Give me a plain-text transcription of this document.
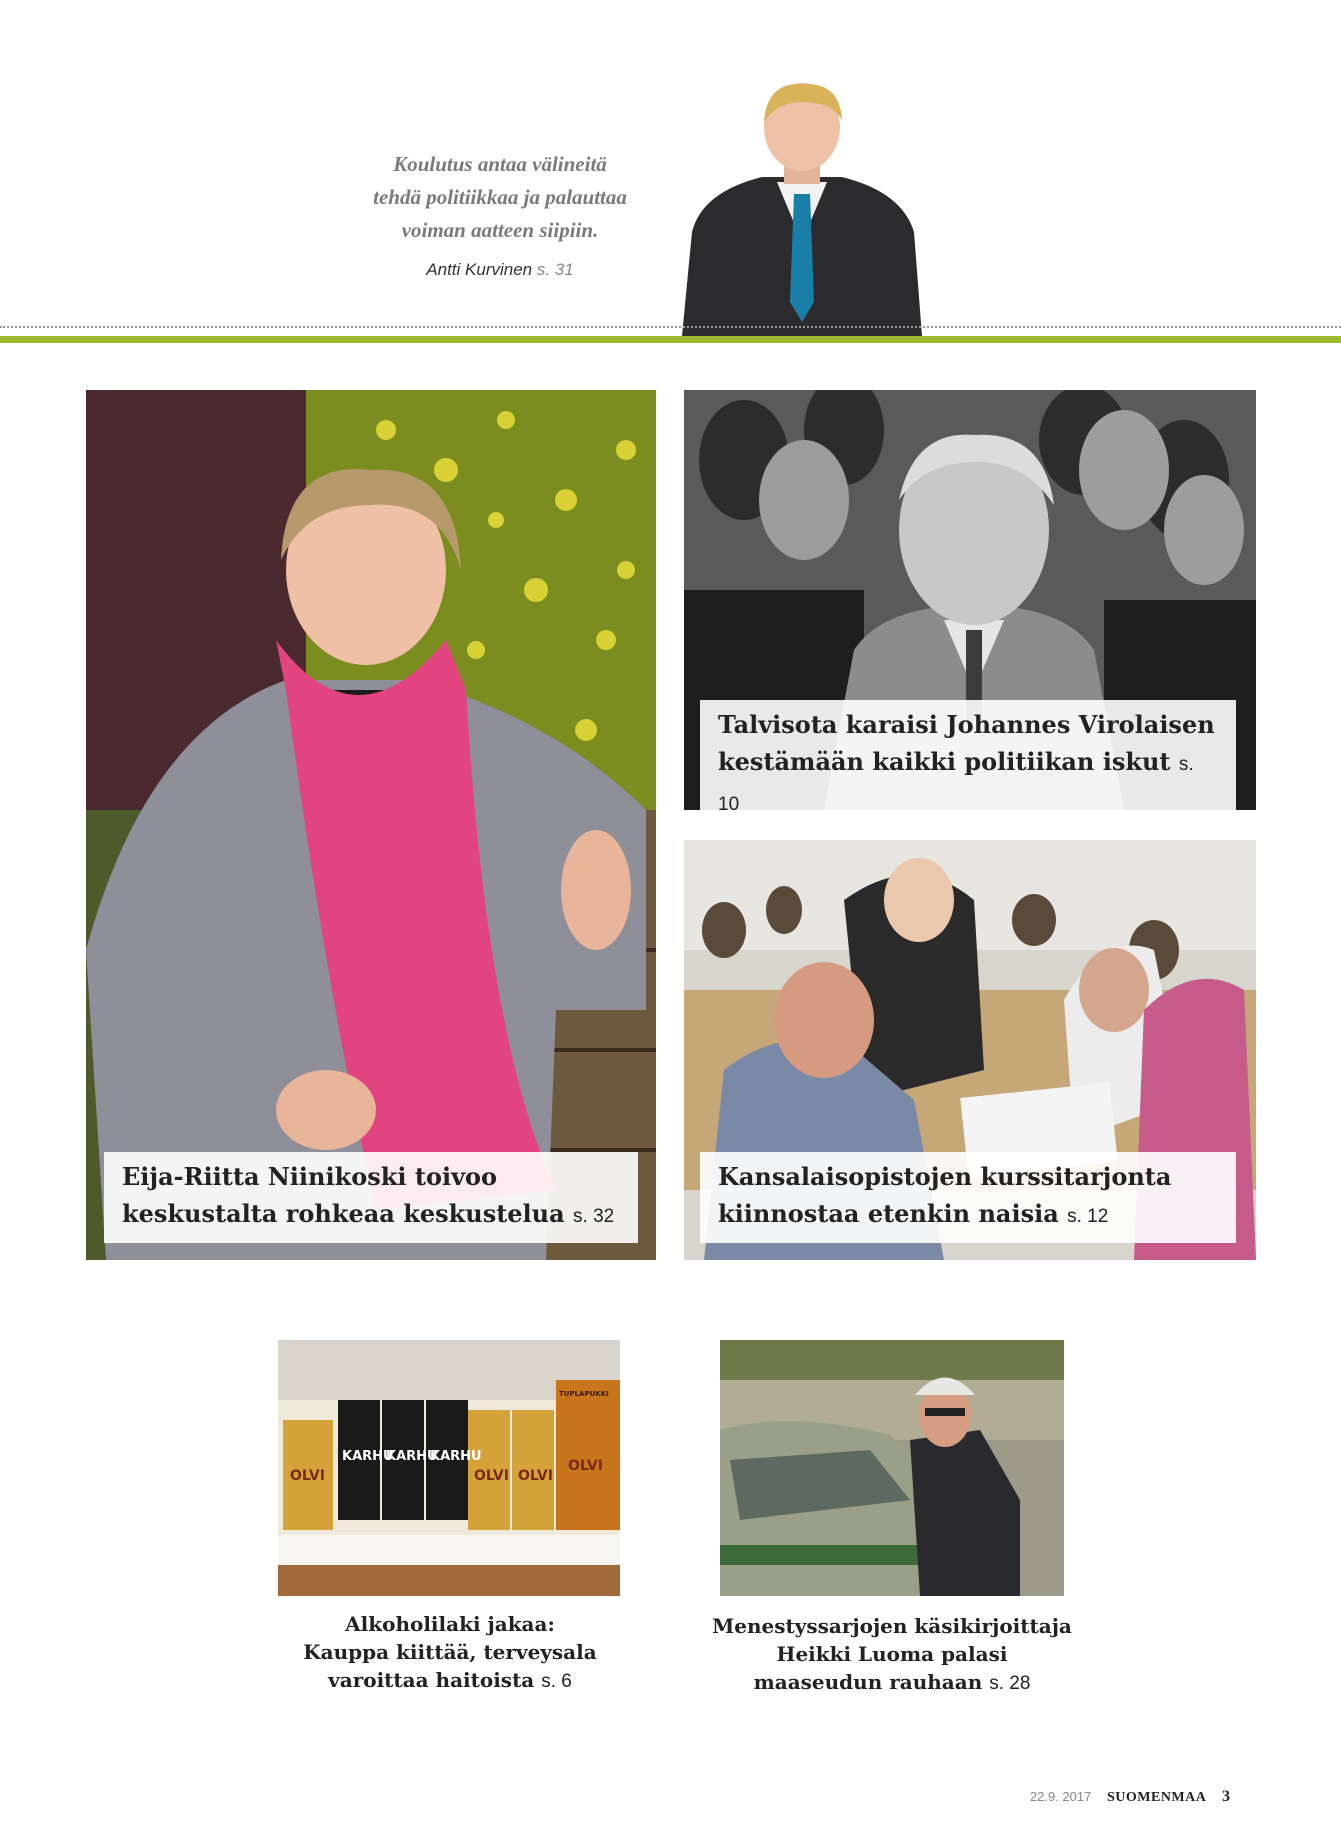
Koulutus antaa välineitä
tehdä politiikkaa ja palauttaa
voiman aatteen siipiin.
Antti Kurvinen s. 31
Talvisota karaisi Johannes Virolaisen
kestämään kaikki politiikan iskut s. 10
Eija-Riitta Niinikoski toivoo
keskustalta rohkeaa keskustelua s. 32
Kansalaisopistojen kurssitarjonta
kiinnostaa etenkin naisia s. 12
KARHU
KARHU
KARHU
OLVI	OLVI OLVI
OLVI
TUPLAPUKKI
Alkoholilaki jakaa:
Kauppa kiittää, terveysala
varoittaa haitoista s. 6
Menestyssarjojen käsikirjoittaja
Heikki Luoma palasi
maaseudun rauhaan s. 28
22.9. 2017 SUOMENMAA 3
